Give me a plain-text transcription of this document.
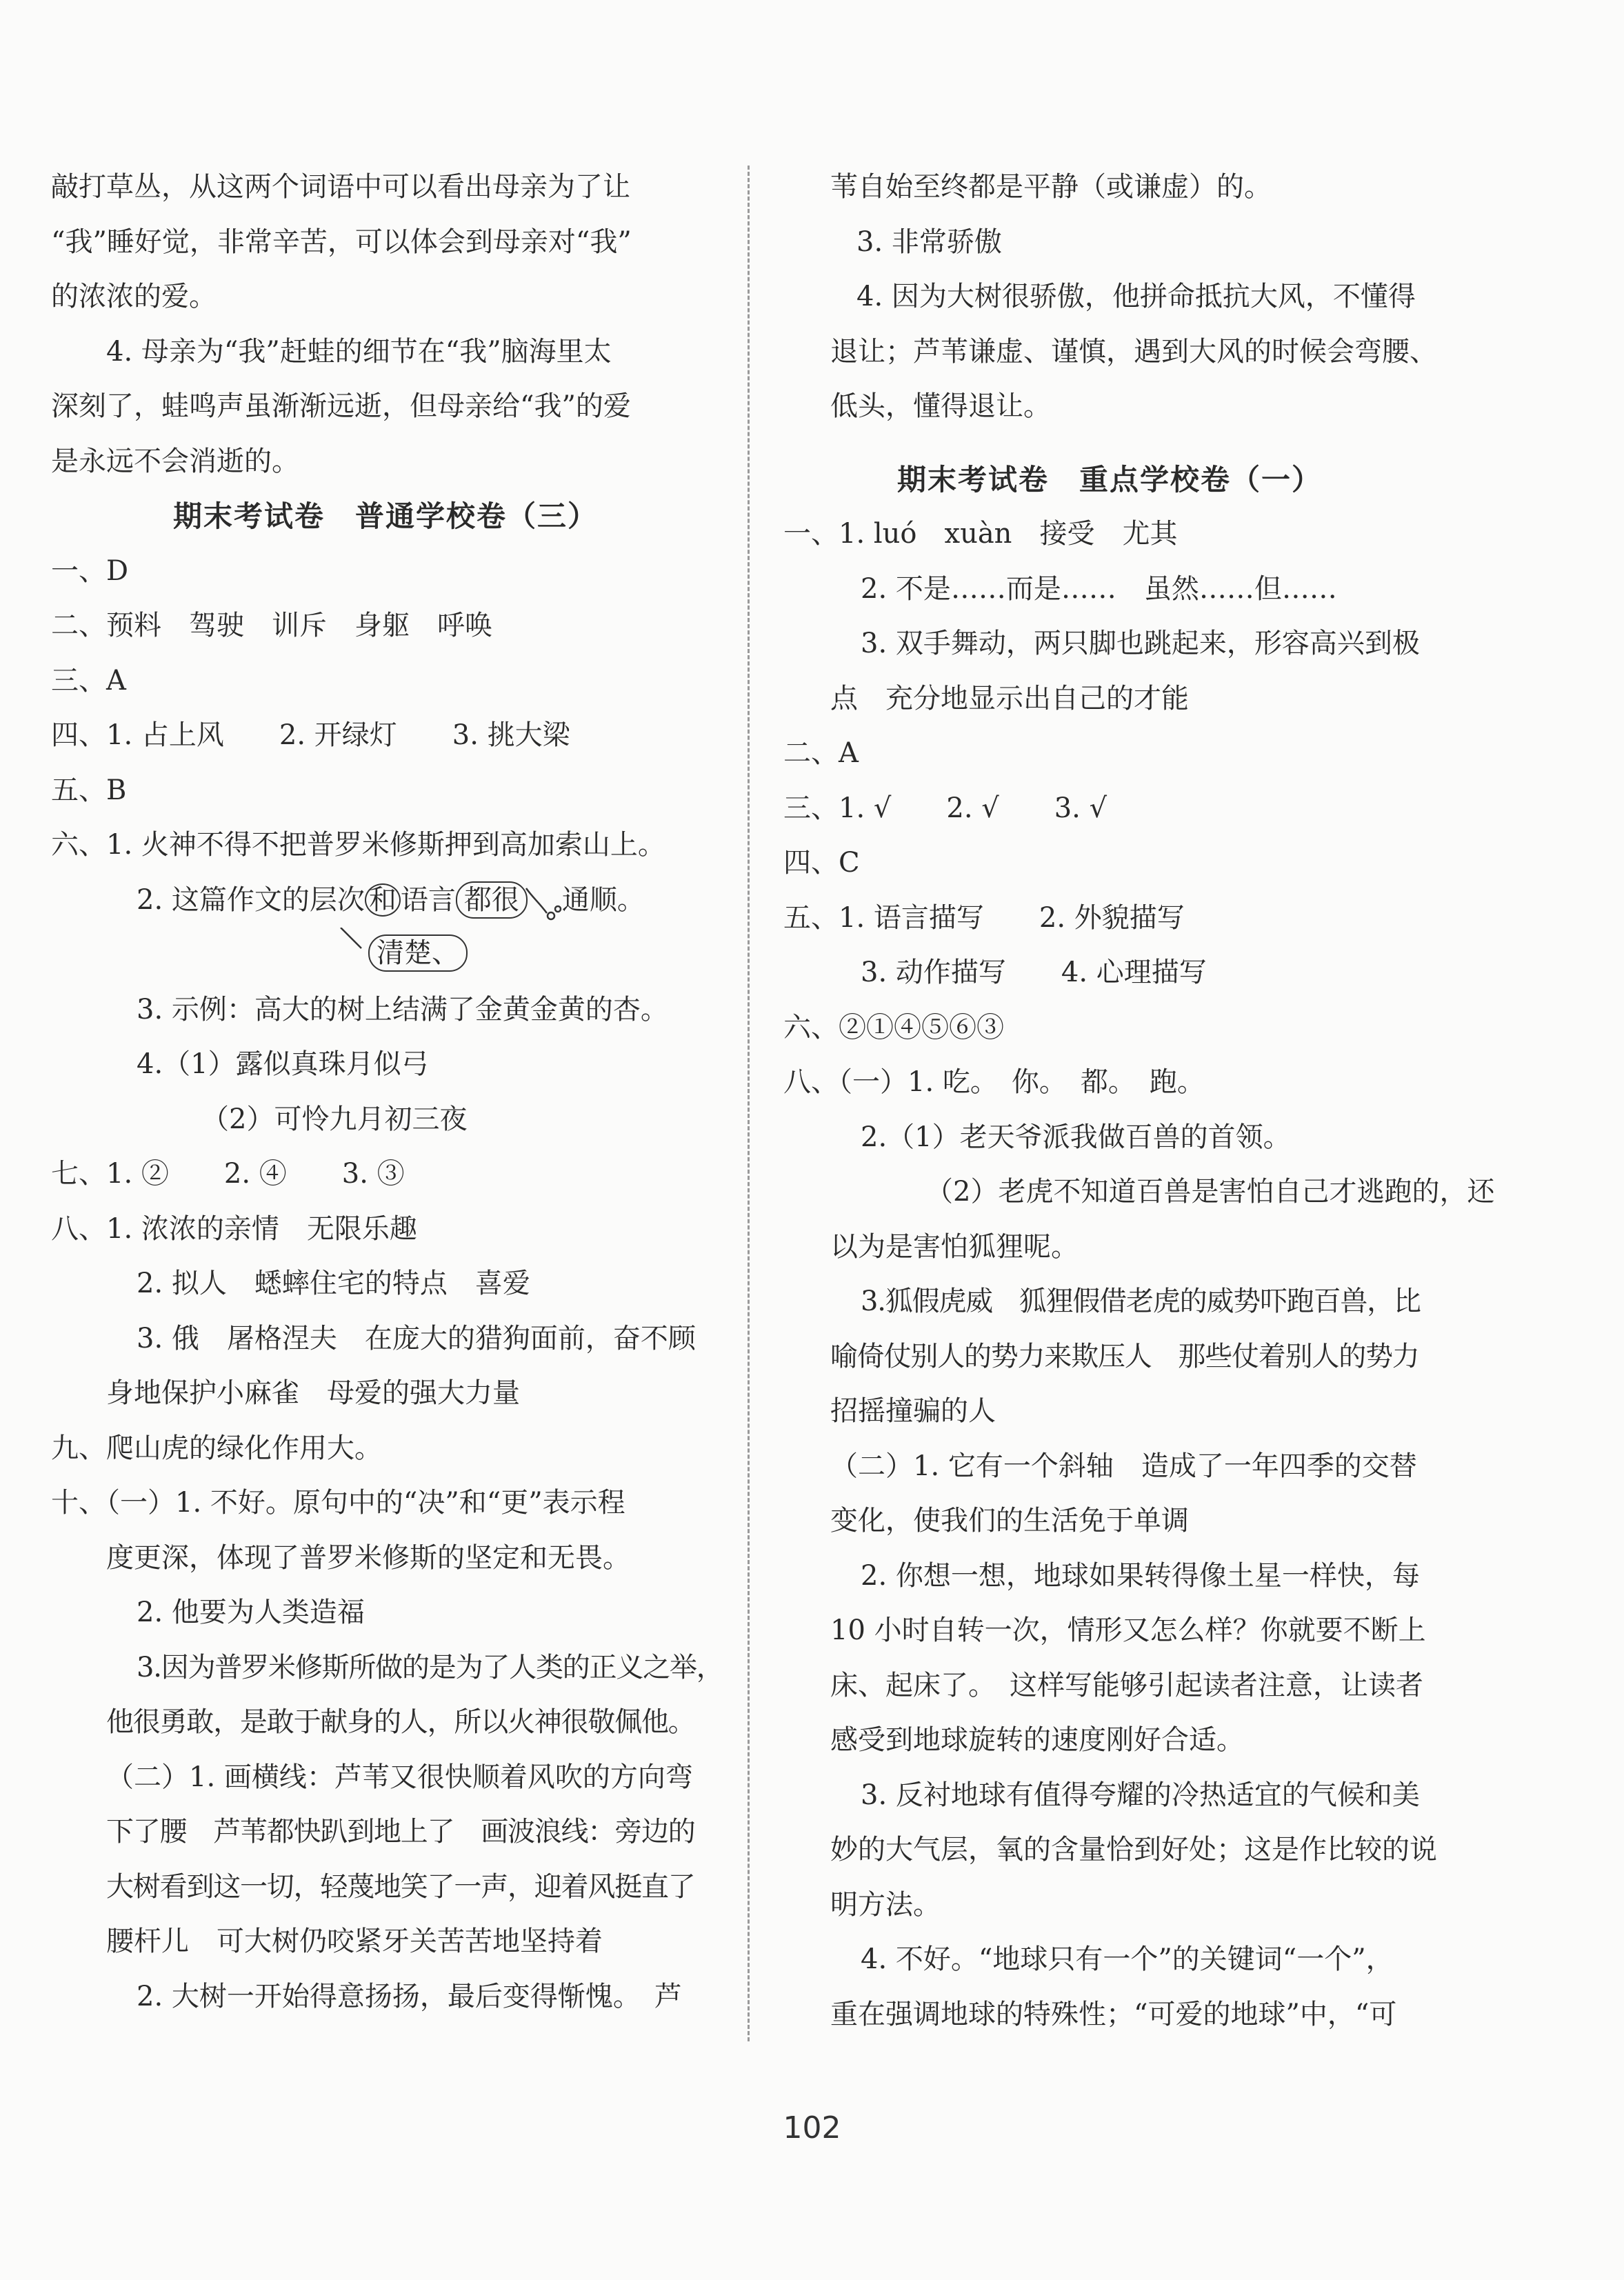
敲打草丛，从这两个词语中可以看出母亲为了让
“我”睡好觉，非常辛苦，可以体会到母亲对“我”
的浓浓的爱。
4. 母亲为“我”赶蛙的细节在“我”脑海里太
深刻了，蛙鸣声虽渐渐远逝，但母亲给“我”的爱
是永远不会消逝的。
期末考试卷　普通学校卷（三）
一、D
二、预料　驾驶　训斥　身躯　呼唤
三、A
四、1. 占上风　　2. 开绿灯　　3. 挑大梁
五、B
六、1. 火神不得不把普罗米修斯押到高加索山上。
2. 这篇作文的层次 和 语言 都很 通顺。
清楚、
3. 示例：高大的树上结满了金黄金黄的杏。
4.（1）露似真珠月似弓
（2）可怜九月初三夜
七、1. ②　　2. ④　　3. ③
八、1. 浓浓的亲情　无限乐趣
2. 拟人　蟋蟀住宅的特点　喜爱
3. 俄　屠格涅夫　在庞大的猎狗面前，奋不顾
身地保护小麻雀　母爱的强大力量
九、爬山虎的绿化作用大。
十、（一）1. 不好。原句中的“决”和“更”表示程
度更深，体现了普罗米修斯的坚定和无畏。
2. 他要为人类造福
3.因为普罗米修斯所做的是为了人类的正义之举，
他很勇敢，是敢于献身的人，所以火神很敬佩他。
（二）1. 画横线：芦苇又很快顺着风吹的方向弯
下了腰　芦苇都快趴到地上了　画波浪线：旁边的
大树看到这一切，轻蔑地笑了一声，迎着风挺直了
腰杆儿　可大树仍咬紧牙关苦苦地坚持着
2. 大树一开始得意扬扬，最后变得惭愧。　芦
苇自始至终都是平静（或谦虚）的。
3. 非常骄傲
4. 因为大树很骄傲，他拼命抵抗大风，不懂得
退让；芦苇谦虚、谨慎，遇到大风的时候会弯腰、
低头，懂得退让。
期末考试卷　重点学校卷（一）
一、1. luó　xuàn　接受　尤其
2. 不是……而是……　虽然……但……
3. 双手舞动，两只脚也跳起来，形容高兴到极
点　充分地显示出自己的才能
二、A
三、1. √　　2. √　　3. √
四、C
五、1. 语言描写　　2. 外貌描写
3. 动作描写　　4. 心理描写
六、②①④⑤⑥③
八、（一）1. 吃。　你。　都。　跑。
2.（1）老天爷派我做百兽的首领。
（2）老虎不知道百兽是害怕自己才逃跑的，还
以为是害怕狐狸呢。
3.狐假虎威　狐狸假借老虎的威势吓跑百兽，比
喻倚仗别人的势力来欺压人　那些仗着别人的势力
招摇撞骗的人
（二）1. 它有一个斜轴　造成了一年四季的交替
变化，使我们的生活免于单调
2. 你想一想，地球如果转得像土星一样快，每
10 小时自转一次，情形又怎么样？你就要不断上
床、起床了。　这样写能够引起读者注意，让读者
感受到地球旋转的速度刚好合适。
3. 反衬地球有值得夸耀的冷热适宜的气候和美
妙的大气层，氧的含量恰到好处；这是作比较的说
明方法。
4. 不好。“地球只有一个”的关键词“一个”，
重在强调地球的特殊性；“可爱的地球”中，“可
102
